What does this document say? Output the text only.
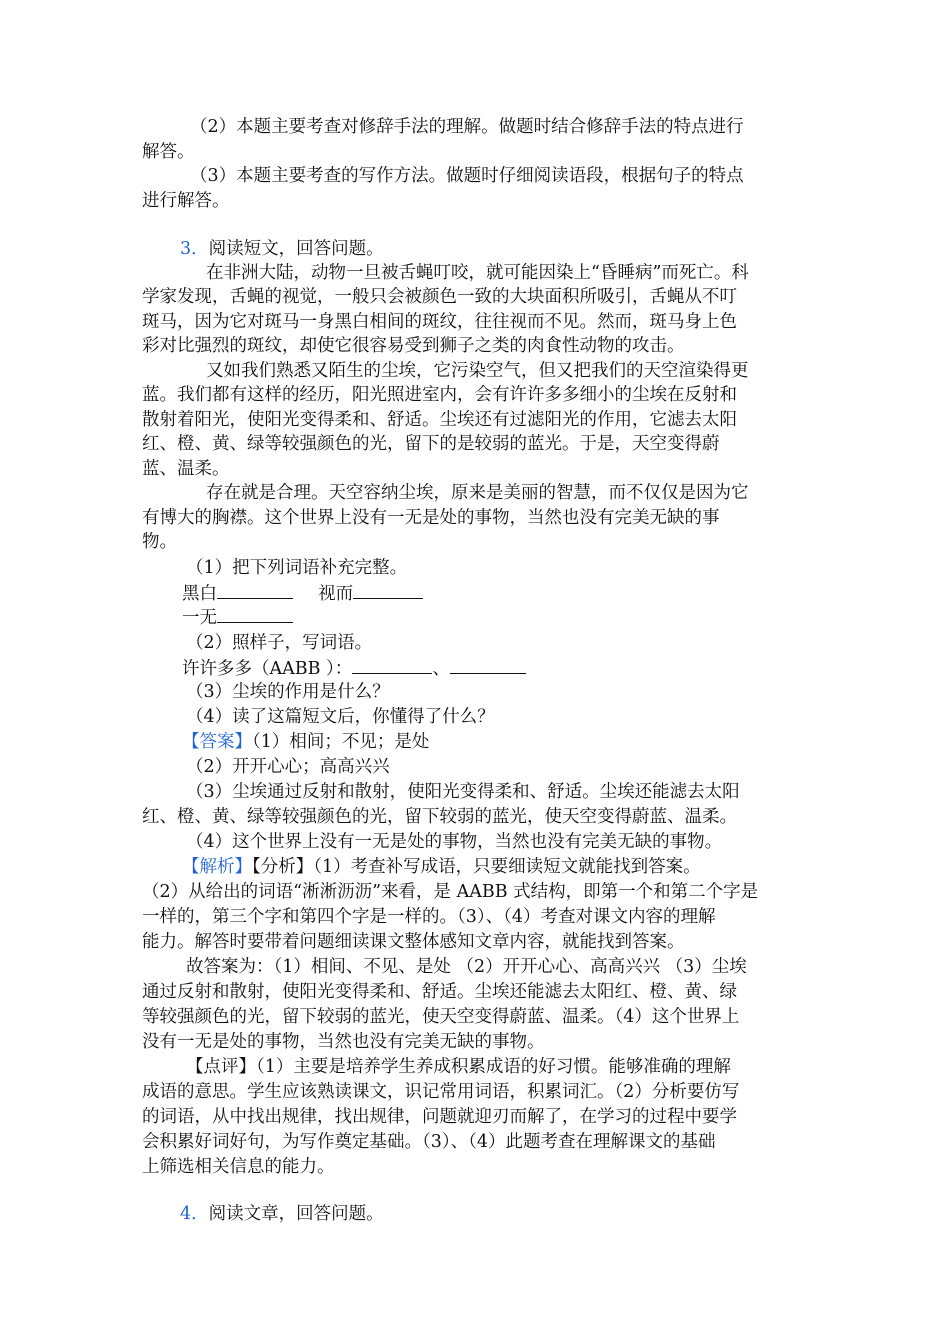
（2）本题主要考查对修辞手法的理解。做题时结合修辞手法的特点进行
解答。
（3）本题主要考查的写作方法。做题时仔细阅读语段，根据句子的特点
进行解答。
3．阅读短文，回答问题。
在非洲大陆，动物一旦被舌蝇叮咬，就可能因染上“昏睡病”而死亡。科
学家发现，舌蝇的视觉，一般只会被颜色一致的大块面积所吸引，舌蝇从不叮
斑马，因为它对斑马一身黑白相间的斑纹，往往视而不见。然而，斑马身上色
彩对比强烈的斑纹，却使它很容易受到狮子之类的肉食性动物的攻击。
又如我们熟悉又陌生的尘埃，它污染空气，但又把我们的天空渲染得更
蓝。我们都有这样的经历，阳光照进室内，会有许许多多细小的尘埃在反射和
散射着阳光，使阳光变得柔和、舒适。尘埃还有过滤阳光的作用，它滤去太阳
红、橙、黄、绿等较强颜色的光，留下的是较弱的蓝光。于是，天空变得蔚
蓝、温柔。
存在就是合理。天空容纳尘埃，原来是美丽的智慧，而不仅仅是因为它
有博大的胸襟。这个世界上没有一无是处的事物，当然也没有完美无缺的事
物。
（1）把下列词语补充完整。
黑白	视而
一无
（2）照样子，写词语。
许许多多（AABB ）：	、
（3）尘埃的作用是什么？
（4）读了这篇短文后，你懂得了什么？
【答案】（1）相间；不见；是处
（2）开开心心；高高兴兴
（3）尘埃通过反射和散射，使阳光变得柔和、舒适。尘埃还能滤去太阳
红、橙、黄、绿等较强颜色的光，留下较弱的蓝光，使天空变得蔚蓝、温柔。
（4）这个世界上没有一无是处的事物，当然也没有完美无缺的事物。
【解析】【分析】（1）考查补写成语，只要细读短文就能找到答案。
（2）从给出的词语“淅淅沥沥”来看，是 AABB 式结构，即第一个和第二个字是
一样的，第三个字和第四个字是一样的。（3）、（4）考查对课文内容的理解
能力。解答时要带着问题细读课文整体感知文章内容，就能找到答案。
故答案为：（1）相间、不见、是处 （2）开开心心、高高兴兴 （3）尘埃
通过反射和散射，使阳光变得柔和、舒适。尘埃还能滤去太阳红、橙、黄、绿
等较强颜色的光，留下较弱的蓝光，使天空变得蔚蓝、温柔。（4）这个世界上
没有一无是处的事物，当然也没有完美无缺的事物。
【点评】（1）主要是培养学生养成积累成语的好习惯。能够准确的理解
成语的意思。学生应该熟读课文，识记常用词语，积累词汇。（2）分析要仿写
的词语，从中找出规律，找出规律，问题就迎刃而解了，在学习的过程中要学
会积累好词好句，为写作奠定基础。（3）、（4）此题考查在理解课文的基础
上筛选相关信息的能力。
4．阅读文章，回答问题。
